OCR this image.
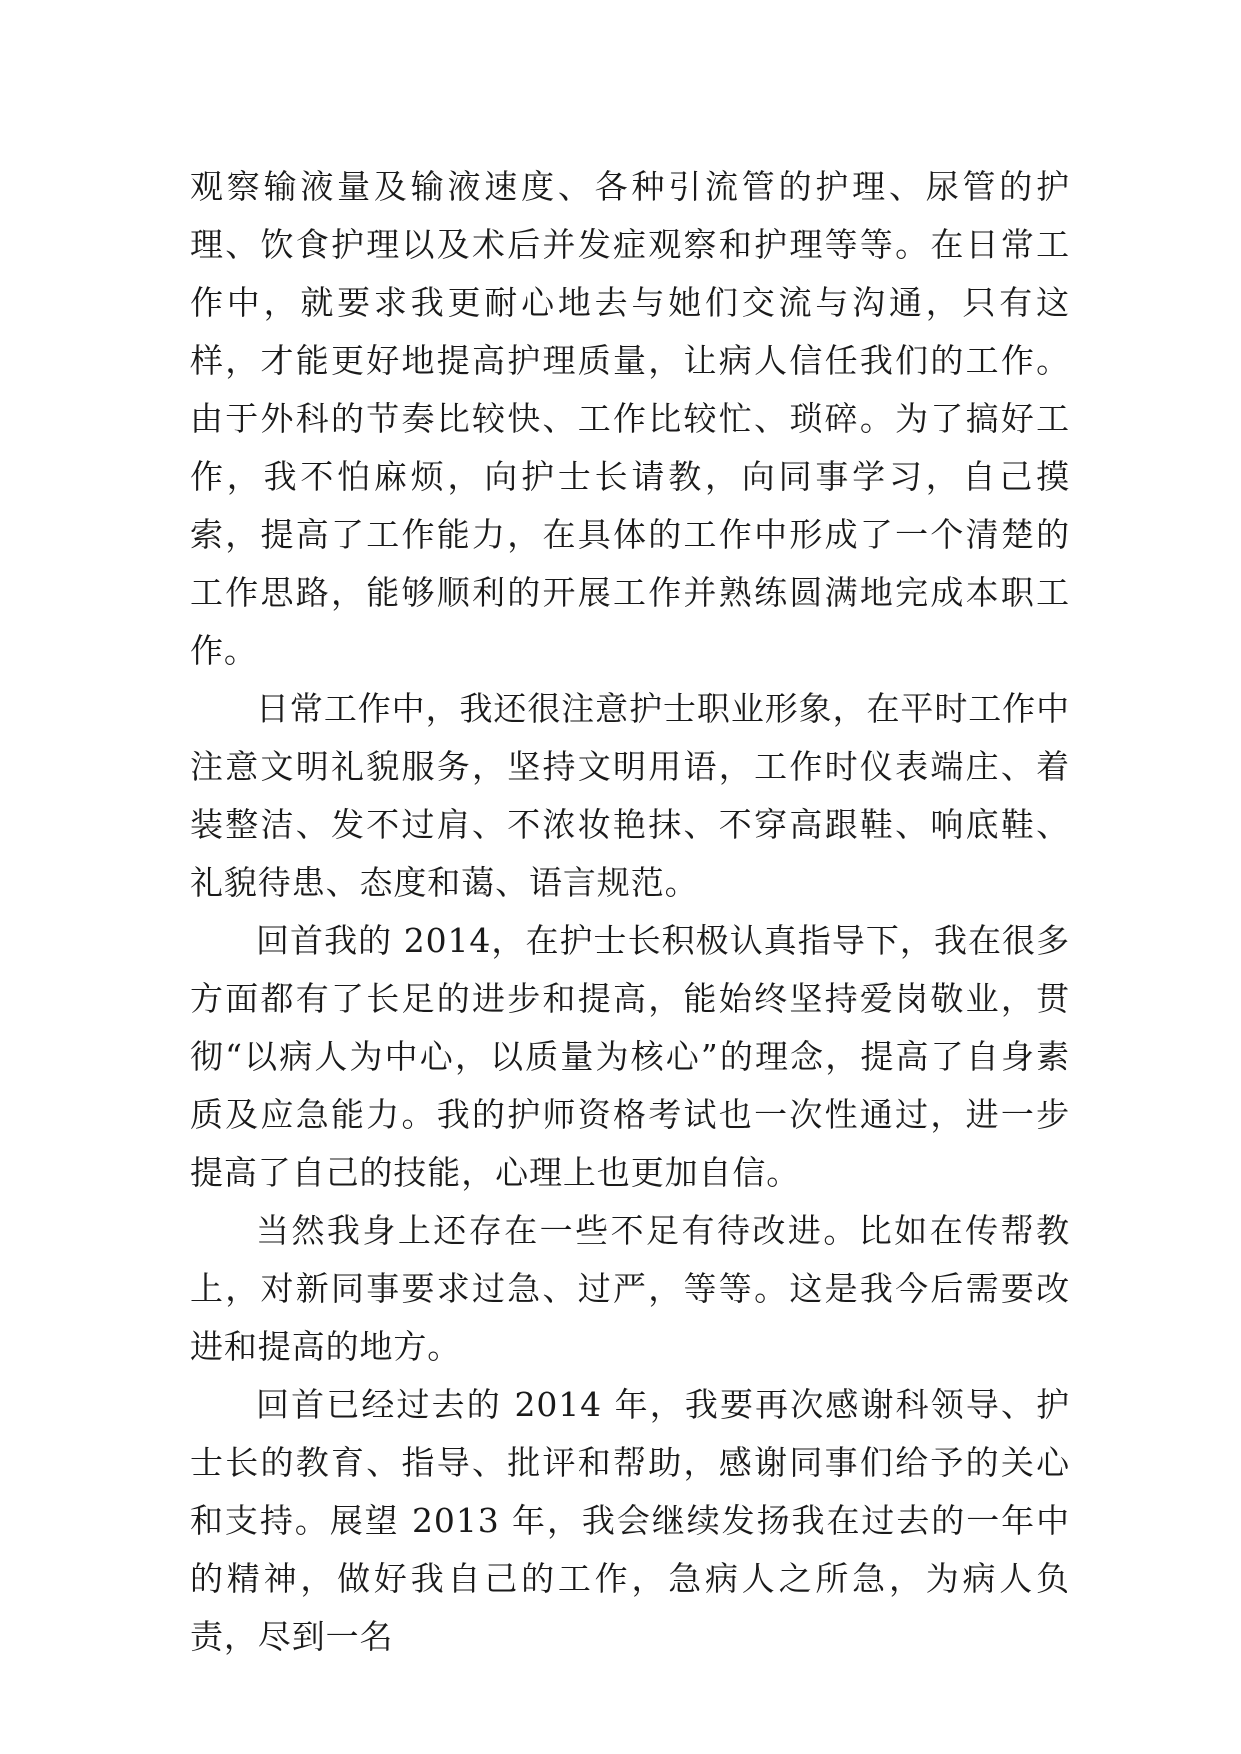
观察输液量及输液速度、各种引流管的护理、尿管的护理、饮食护理以及术后并发症观察和护理等等。在日常工作中，就要求我更耐心地去与她们交流与沟通，只有这样，才能更好地提高护理质量，让病人信任我们的工作。由于外科的节奏比较快、工作比较忙、琐碎。为了搞好工作，我不怕麻烦，向护士长请教，向同事学习，自己摸索，提高了工作能力，在具体的工作中形成了一个清楚的工作思路，能够顺利的开展工作并熟练圆满地完成本职工作。

日常工作中，我还很注意护士职业形象，在平时工作中注意文明礼貌服务，坚持文明用语，工作时仪表端庄、着装整洁、发不过肩、不浓妆艳抹、不穿高跟鞋、响底鞋、礼貌待患、态度和蔼、语言规范。

回首我的 2014，在护士长积极认真指导下，我在很多方面都有了长足的进步和提高，能始终坚持爱岗敬业，贯彻“以病人为中心，以质量为核心”的理念，提高了自身素质及应急能力。我的护师资格考试也一次性通过，进一步提高了自己的技能，心理上也更加自信。

当然我身上还存在一些不足有待改进。比如在传帮教上，对新同事要求过急、过严，等等。这是我今后需要改进和提高的地方。

回首已经过去的 2014 年，我要再次感谢科领导、护士长的教育、指导、批评和帮助，感谢同事们给予的关心和支持。展望 2013 年，我会继续发扬我在过去的一年中的精神，做好我自己的工作，急病人之所急，为病人负责，尽到一名
